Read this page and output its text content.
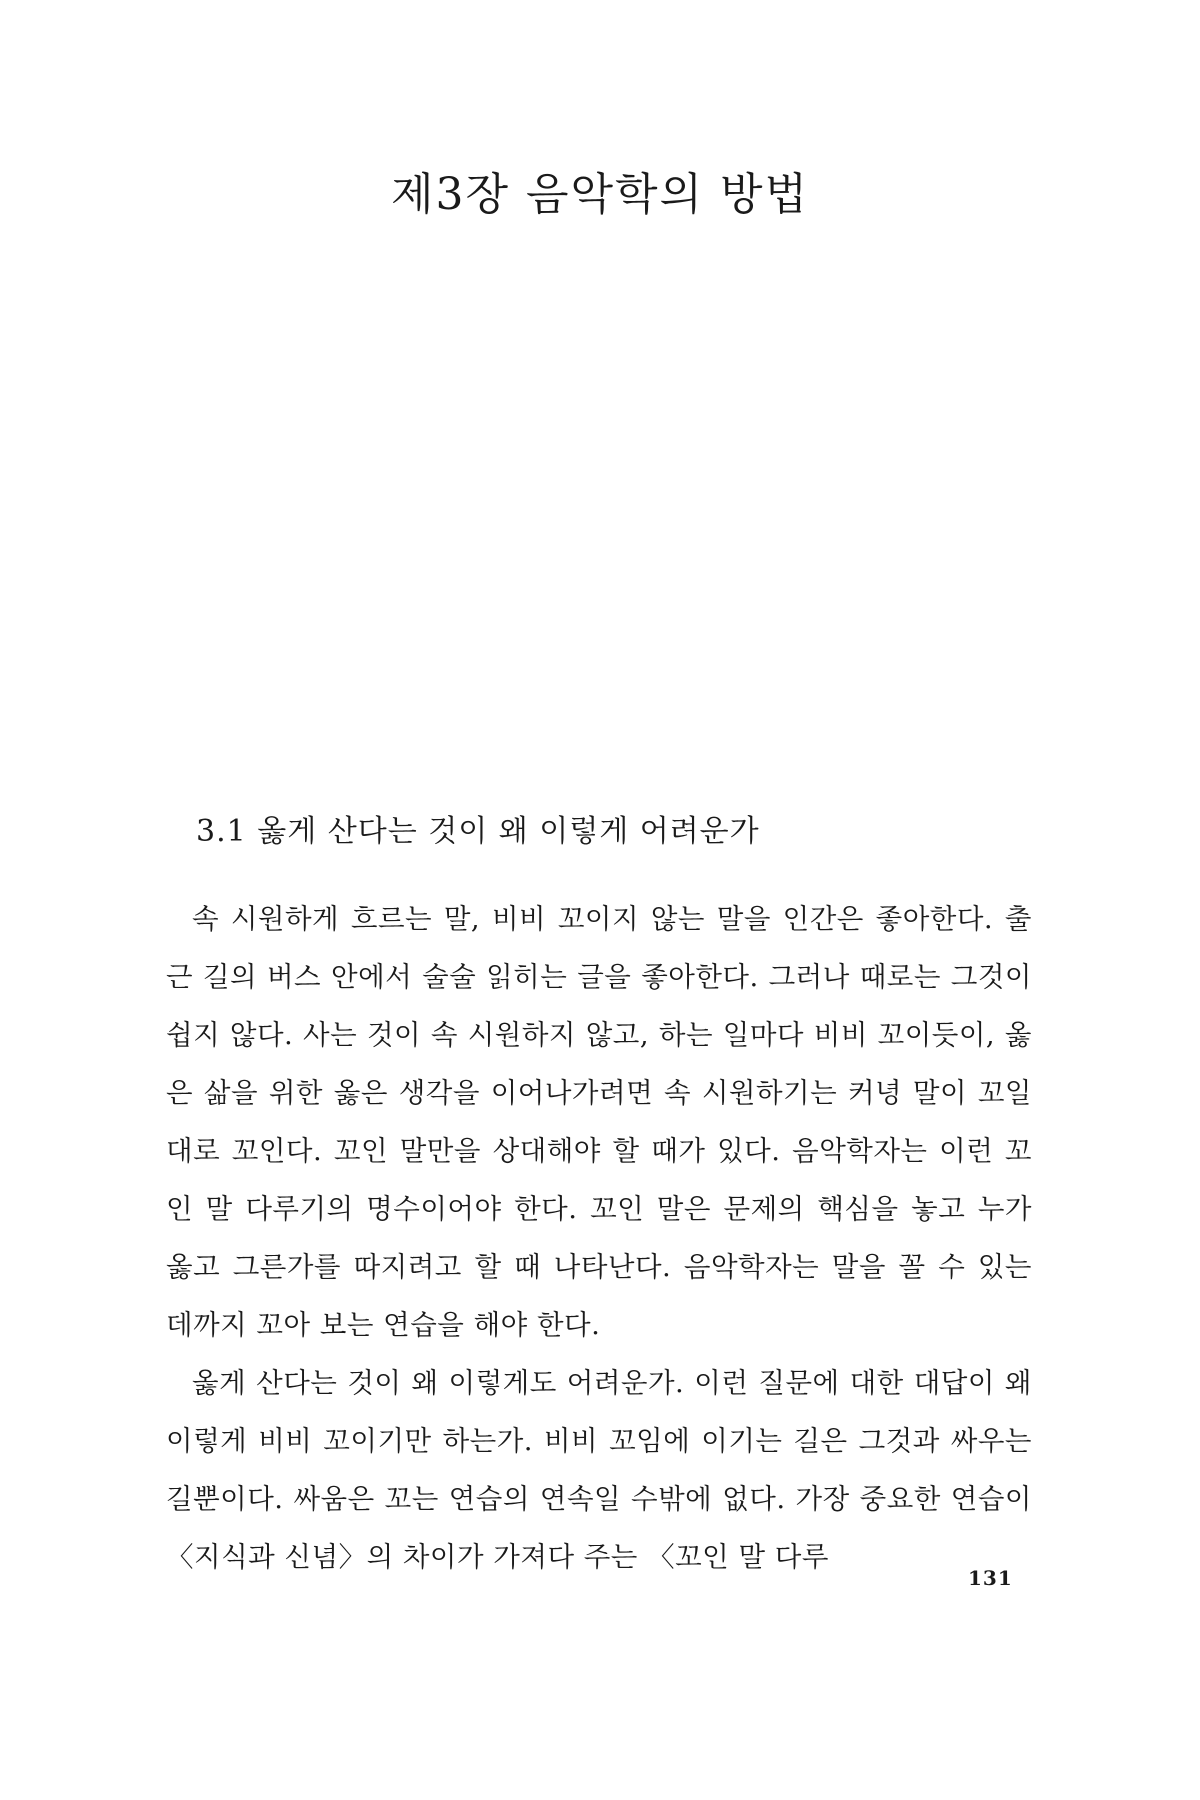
제3장 음악학의 방법
3.1 옳게 산다는 것이 왜 이렇게 어려운가

속 시원하게 흐르는 말, 비비 꼬이지 않는 말을 인간은 좋아한다. 출근 길의 버스 안에서 술술 읽히는 글을 좋아한다. 그러나 때로는 그것이 쉽지 않다. 사는 것이 속 시원하지 않고, 하는 일마다 비비 꼬이듯이, 옳은 삶을 위한 옳은 생각을 이어나가려면 속 시원하기는 커녕 말이 꼬일 대로 꼬인다. 꼬인 말만을 상대해야 할 때가 있다. 음악학자는 이런 꼬인 말 다루기의 명수이어야 한다. 꼬인 말은 문제의 핵심을 놓고 누가 옳고 그른가를 따지려고 할 때 나타난다. 음악학자는 말을 꼴 수 있는 데까지 꼬아 보는 연습을 해야 한다.

옳게 산다는 것이 왜 이렇게도 어려운가. 이런 질문에 대한 대답이 왜 이렇게 비비 꼬이기만 하는가. 비비 꼬임에 이기는 길은 그것과 싸우는 길뿐이다. 싸움은 꼬는 연습의 연속일 수밖에 없다. 가장 중요한 연습이 〈지식과 신념〉의 차이가 가져다 주는 〈꼬인 말 다루

131
